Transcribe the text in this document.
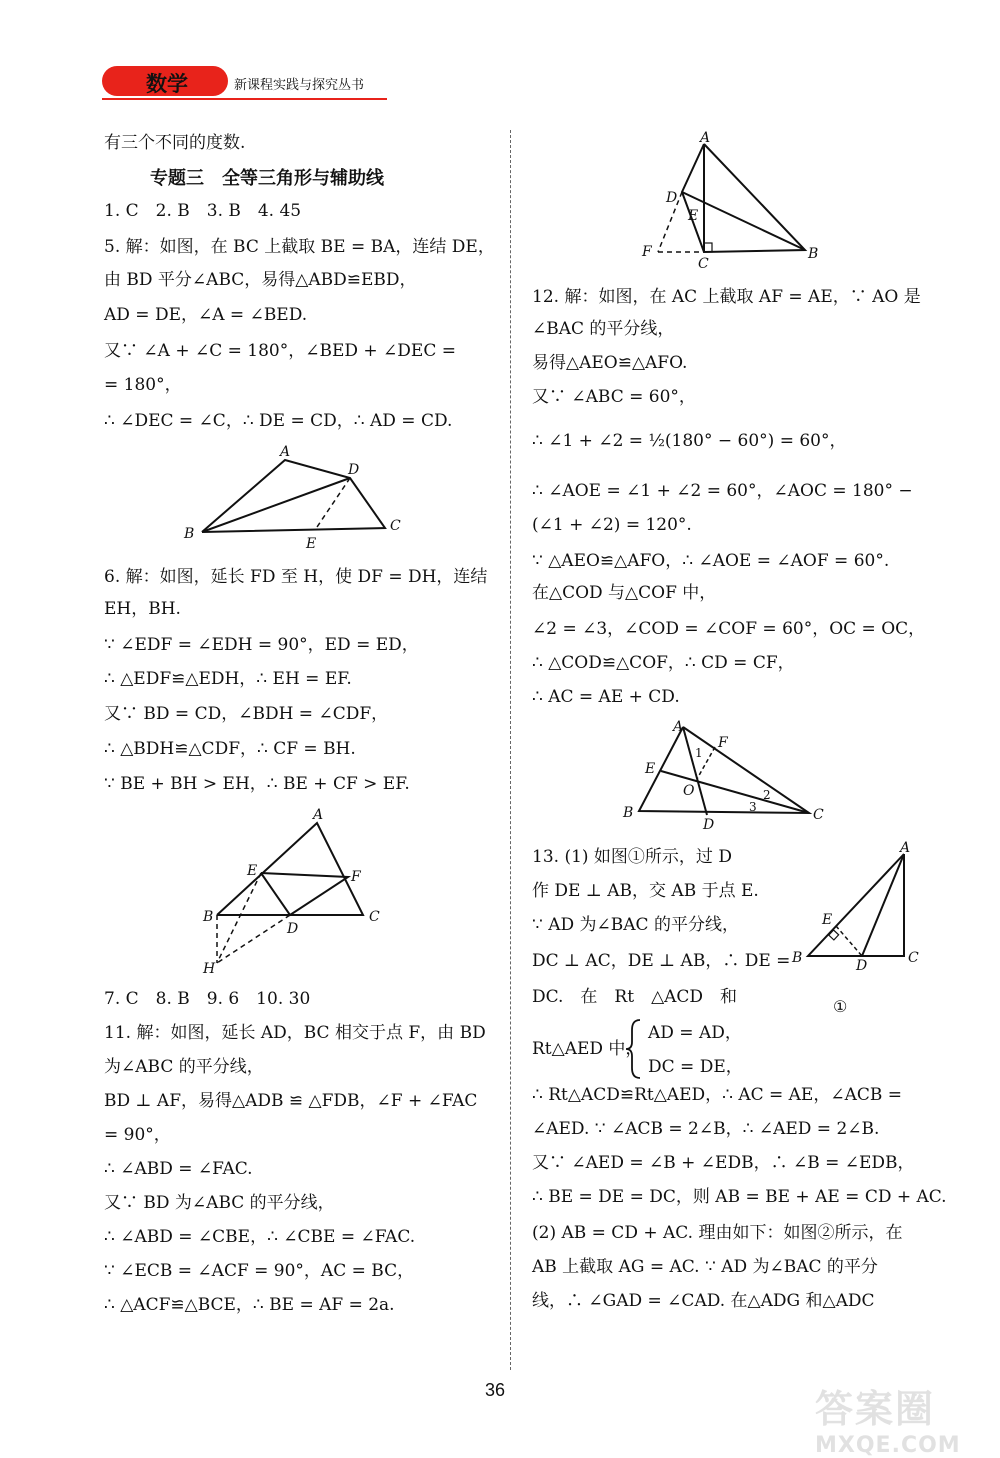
数学	新课程实践与探究丛书
有三个不同的度数.
专题三　全等三角形与辅助线
1. C　2. B　3. B　4. 45
5. 解：如图，在 BC 上截取 BE = BA，连结 DE，
由 BD 平分∠ABC，易得△ABD≌EBD，
AD = DE，∠A = ∠BED.
又∵ ∠A + ∠C = 180°，∠BED + ∠DEC =
= 180°，
∴ ∠DEC = ∠C，∴ DE = CD，∴ AD = CD.
A
D
B
E
C
6. 解：如图，延长 FD 至 H，使 DF = DH，连结
EH，BH.
∵ ∠EDF = ∠EDH = 90°，ED = ED，
∴ △EDF≌△EDH，∴ EH = EF.
又∵ BD = CD，∠BDH = ∠CDF，
∴ △BDH≌△CDF，∴ CF = BH.
∵ BE + BH > EH，∴ BE + CF > EF.
A
E	F
B
D
C
H
7. C　8. B　9. 6　10. 30
11. 解：如图，延长 AD，BC 相交于点 F，由 BD
为∠ABC 的平分线，
BD ⊥ AF，易得△ADB ≌ △FDB，∠F + ∠FAC
= 90°，
∴ ∠ABD = ∠FAC.
又∵ BD 为∠ABC 的平分线，
∴ ∠ABD = ∠CBE，∴ ∠CBE = ∠FAC.
∵ ∠ECB = ∠ACF = 90°，AC = BC，
∴ △ACF≌△BCE，∴ BE = AF = 2a.
A
D
E
F
C
B
12. 解：如图，在 AC 上截取 AF = AE，∵ AO 是
∠BAC 的平分线，
易得△AEO≌△AFO.
又∵ ∠ABC = 60°，
∴ ∠1 + ∠2 = ½(180° − 60°) = 60°，
∴ ∠AOE = ∠1 + ∠2 = 60°，∠AOC = 180° −
(∠1 + ∠2) = 120°.
∵ △AEO≌△AFO，∴ ∠AOE = ∠AOF = 60°.
在△COD 与△COF 中，
∠2 = ∠3，∠COD = ∠COF = 60°，OC = OC，
∴ △COD≌△COF，∴ CD = CF，
∴ AC = AE + CD.
A
F
E
1
O	2
3
B
D
C
13. (1) 如图①所示，过 D
作 DE ⊥ AB，交 AB 于点 E.
∵ AD 为∠BAC 的平分线，
DC ⊥ AC，DE ⊥ AB，∴ DE =
DC.　在　Rt　△ACD　和
A
E
B	D	C
①
Rt△AED 中，
AD = AD，
DC = DE，
∴ Rt△ACD≌Rt△AED，∴ AC = AE，∠ACB =
∠AED. ∵ ∠ACB = 2∠B，∴ ∠AED = 2∠B.
又∵ ∠AED = ∠B + ∠EDB，∴ ∠B = ∠EDB，
∴ BE = DE = DC，则 AB = BE + AE = CD + AC.
(2) AB = CD + AC. 理由如下：如图②所示，在
AB 上截取 AG = AC. ∵ AD 为∠BAC 的平分
线，∴ ∠GAD = ∠CAD. 在△ADG 和△ADC
36	答案圈
MXQE.COM
